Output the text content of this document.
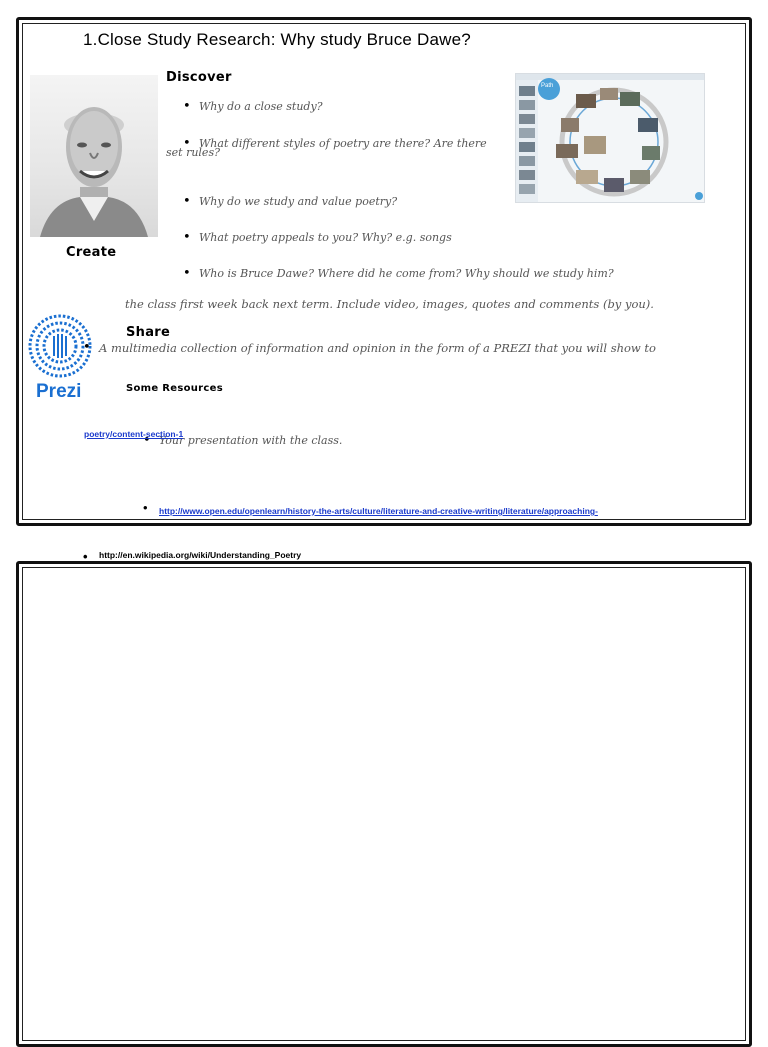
1.Close Study Research: Why study Bruce Dawe?
Discover
• Why do a close study?
• What different styles of poetry are there? Are there
set rules?
• Why do we study and value poetry?
• What poetry appeals to you? Why? e.g. songs
• Who is Bruce Dawe? Where did he come from? Why should we study him?
Path
Create
• A multimedia collection of information and opinion in the form of a PREZI that you will show to
the class first week back next term. Include video, images, quotes and comments (by you).
Prezi
Share
• Your presentation with the class.
Some Resources
• http://www.open.edu/openlearn/history-the-arts/culture/literature-and-creative-writing/literature/approaching-
poetry/content-section-1
• http://en.wikipedia.org/wiki/Understanding_Poetry
